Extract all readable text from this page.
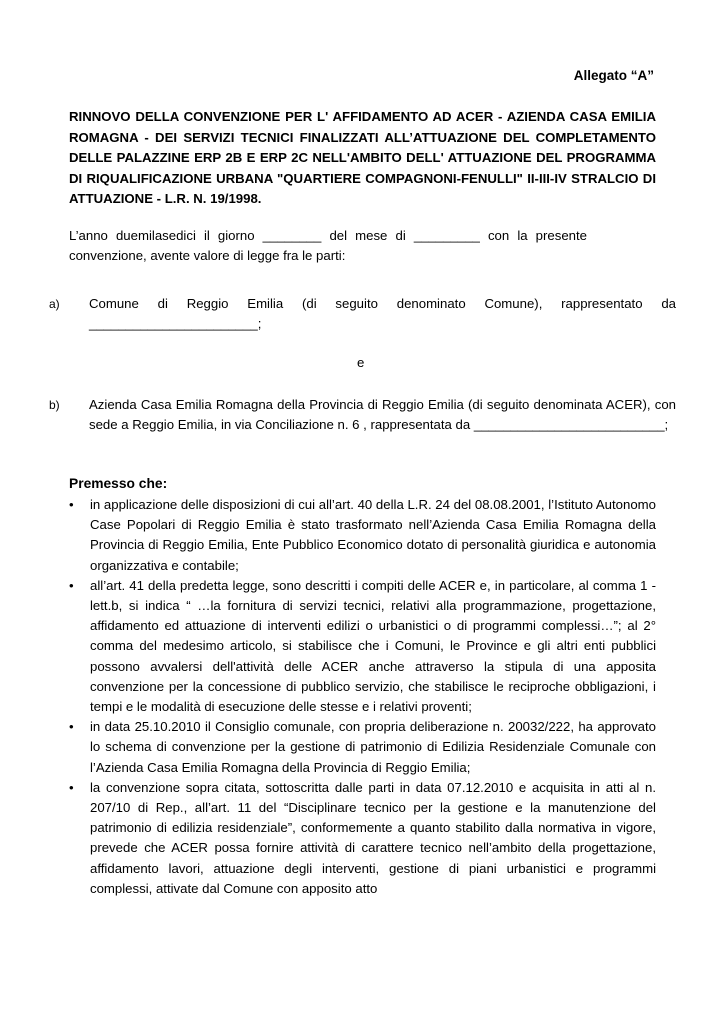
Allegato “A”
RINNOVO DELLA CONVENZIONE PER L' AFFIDAMENTO AD ACER - AZIENDA CASA EMILIA ROMAGNA - DEI SERVIZI TECNICI FINALIZZATI ALL’ATTUAZIONE DEL COMPLETAMENTO DELLE PALAZZINE ERP 2B E ERP 2C NELL'AMBITO DELL' ATTUAZIONE DEL PROGRAMMA DI RIQUALIFICAZIONE URBANA "QUARTIERE COMPAGNONI-FENULLI" II-III-IV STRALCIO DI ATTUAZIONE - L.R. N. 19/1998.
L’anno duemilasedici il giorno ________ del mese di _________ con la presente convenzione, avente valore di legge fra le parti:
a) Comune di Reggio Emilia (di seguito denominato Comune), rappresentato da _______________________;
e
b) Azienda Casa Emilia Romagna della Provincia di Reggio Emilia (di seguito denominata ACER), con sede a Reggio Emilia, in via Conciliazione n. 6 , rappresentata da __________________________;
Premesso che:
• in applicazione delle disposizioni di cui all’art. 40 della L.R. 24 del 08.08.2001, l’Istituto Autonomo Case Popolari di Reggio Emilia è stato trasformato nell’Azienda Casa Emilia Romagna della Provincia di Reggio Emilia, Ente Pubblico Economico dotato di personalità giuridica e autonomia organizzativa e contabile;
• all’art. 41 della predetta legge, sono descritti i compiti delle ACER e, in particolare, al comma 1 - lett.b, si indica “ …la fornitura di servizi tecnici, relativi alla programmazione, progettazione, affidamento ed attuazione di interventi edilizi o urbanistici o di programmi complessi…”; al 2° comma del medesimo articolo, si stabilisce che i Comuni, le Province e gli altri enti pubblici possono avvalersi dell'attività delle ACER anche attraverso la stipula di una apposita convenzione per la concessione di pubblico servizio, che stabilisce le reciproche obbligazioni, i tempi e le modalità di esecuzione delle stesse e i relativi proventi;
• in data 25.10.2010 il Consiglio comunale, con propria deliberazione n. 20032/222, ha approvato lo schema di convenzione per la gestione di patrimonio di Edilizia Residenziale Comunale con l’Azienda Casa Emilia Romagna della Provincia di Reggio Emilia;
• la convenzione sopra citata, sottoscritta dalle parti in data 07.12.2010 e acquisita in atti al n. 207/10 di Rep., all’art. 11 del “Disciplinare tecnico per la gestione e la manutenzione del patrimonio di edilizia residenziale”, conformemente a quanto stabilito dalla normativa in vigore, prevede che ACER possa fornire attività di carattere tecnico nell’ambito della progettazione, affidamento lavori, attuazione degli interventi, gestione di piani urbanistici e programmi complessi, attivate dal Comune con apposito atto
